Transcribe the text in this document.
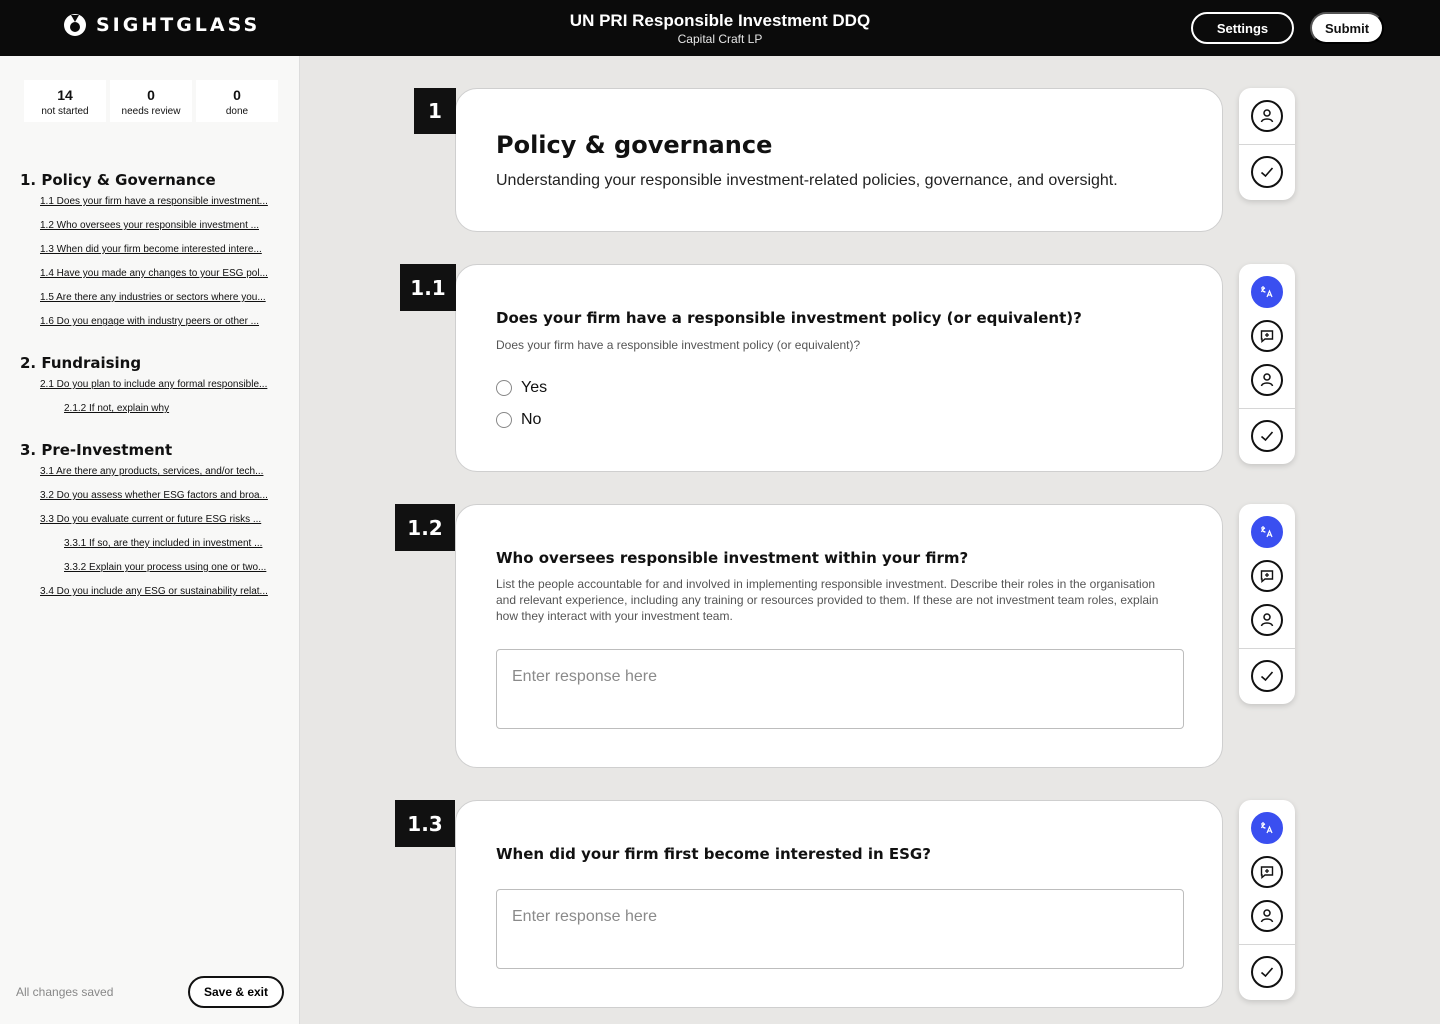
SIGHTGLASS	UN PRI Responsible Investment DDQ
Capital Craft LP
Settings	Submit
14
not started
0
needs review
0
done
1. Policy & Governance
1.1 Does your firm have a responsible investment...
1.2 Who oversees your responsible investment ...
1.3 When did your firm become interested intere...
1.4 Have you made any changes to your ESG pol...
1.5 Are there any industries or sectors where you...
1.6 Do you engage with industry peers or other ...
2. Fundraising
2.1 Do you plan to include any formal responsible...
2.1.2 If not, explain why
3. Pre-Investment
3.1 Are there any products, services, and/or tech...
3.2 Do you assess whether ESG factors and broa...
3.3 Do you evaluate current or future ESG risks ...
3.3.1 If so, are they included in investment ...
3.3.2 Explain your process using one or two...
3.4 Do you include any ESG or sustainability relat...
All changes saved	Save & exit
Policy & governance
Understanding your responsible investment-related policies, governance, and oversight.
1
Does your firm have a responsible investment policy (or equivalent)?
Does your firm have a responsible investment policy (or equivalent)?
Yes
No
1.1
Who oversees responsible investment within your firm?
List the people accountable for and involved in implementing responsible investment. Describe their roles in the organisation and relevant experience, including any training or resources provided to them. If these are not investment team roles, explain how they interact with your investment team.
Enter response here
1.2
When did your firm first become interested in ESG?
Enter response here
1.3
